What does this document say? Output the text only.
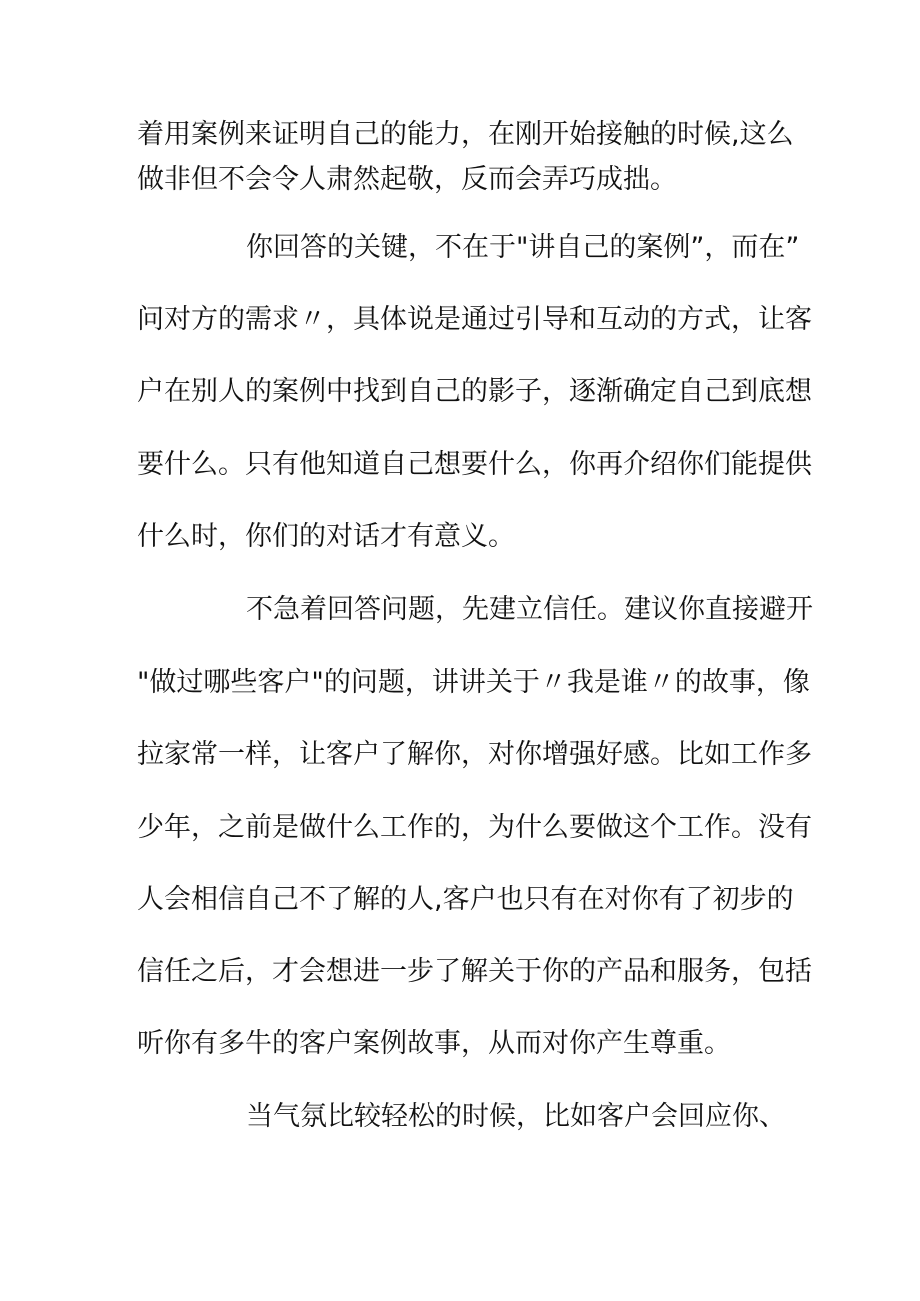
着用案例来证明自己的能力，在刚开始接触的时候,这么
做非但不会令人肃然起敬，反而会弄巧成拙。
你回答的关键，不在于"讲自己的案例”，而在”
问对方的需求〃，具体说是通过引导和互动的方式，让客
户在别人的案例中找到自己的影子，逐渐确定自己到底想
要什么。只有他知道自己想要什么，你再介绍你们能提供
什么时，你们的对话才有意义。
不急着回答问题，先建立信任。建议你直接避开
"做过哪些客户"的问题，讲讲关于〃我是谁〃的故事，像
拉家常一样，让客户了解你，对你增强好感。比如工作多
少年，之前是做什么工作的，为什么要做这个工作。没有
人会相信自己不了解的人,客户也只有在对你有了初步的
信任之后，才会想进一步了解关于你的产品和服务，包括
听你有多牛的客户案例故事，从而对你产生尊重。
当气氛比较轻松的时候，比如客户会回应你、
